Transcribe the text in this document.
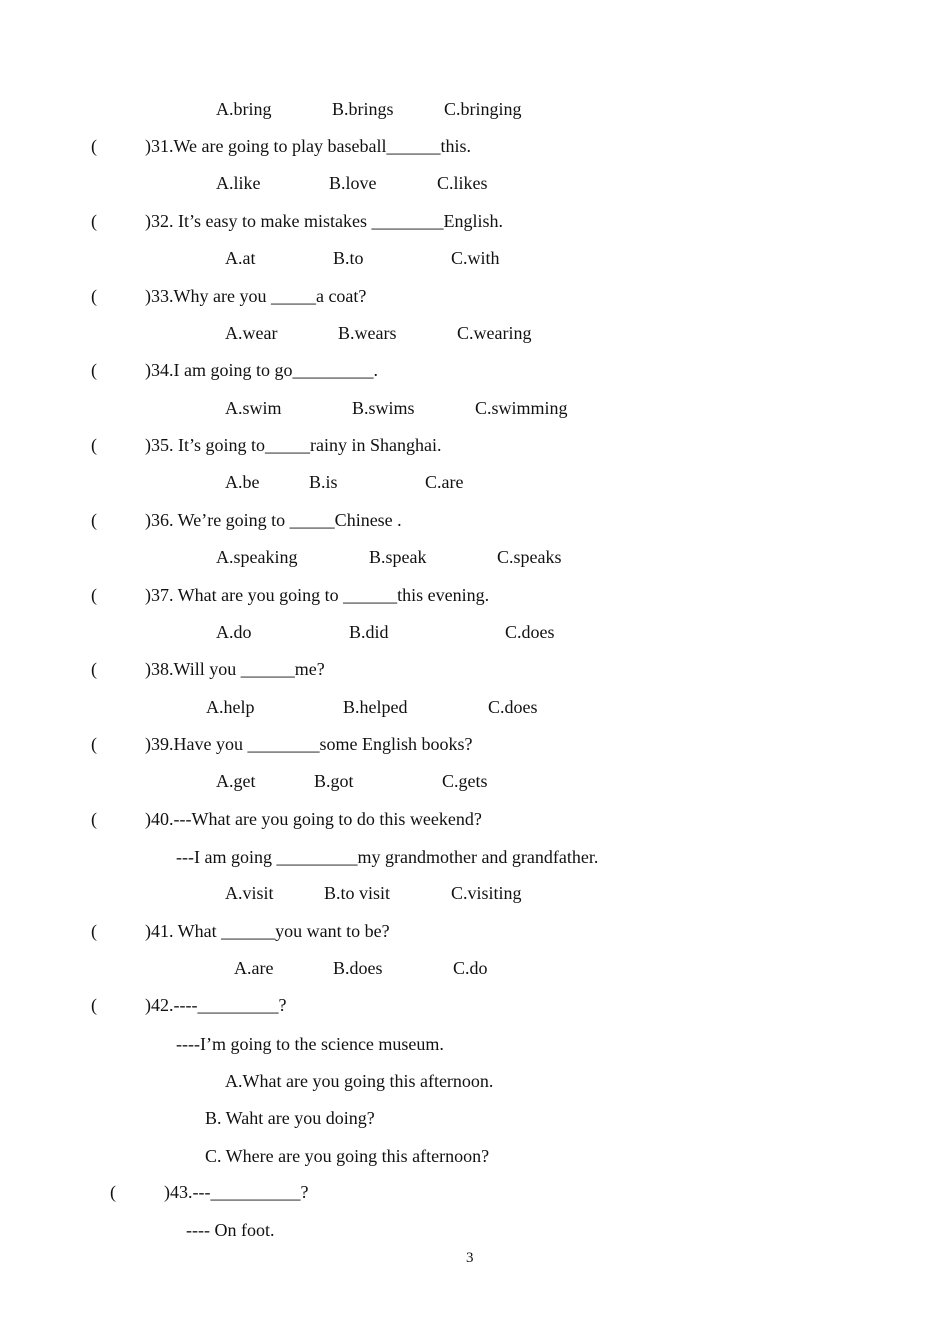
A.bring	B.brings	C.bringing
(	)31.We are going to play baseball______this.
A.like	B.love	C.likes
(	)32. It’s easy to make mistakes ________English.
A.at	B.to	C.with
(	)33.Why are you _____a coat?
A.wear	B.wears	C.wearing
(	)34.I am going to go_________.
A.swim	B.swims	C.swimming
(	)35. It’s going to_____rainy in Shanghai.
A.be	B.is	C.are
(	)36. We’re going to _____Chinese .
A.speaking	B.speak	C.speaks
(	)37. What are you going to ______this evening.
A.do	B.did	C.does
(	)38.Will you ______me?
A.help	B.helped	C.does
(	)39.Have you ________some English books?
A.get	B.got	C.gets
(	)40.---What are you going to do this weekend?
---I am going _________my grandmother and grandfather.
A.visit	B.to visit	C.visiting
(	)41. What ______you want to be?
A.are	B.does	C.do
(	)42.----_________?
----I’m going to the science museum.
A.What are you going this afternoon.
B. Waht are you doing?
C. Where are you going this afternoon?
(	)43.---__________?
---- On foot.
3
